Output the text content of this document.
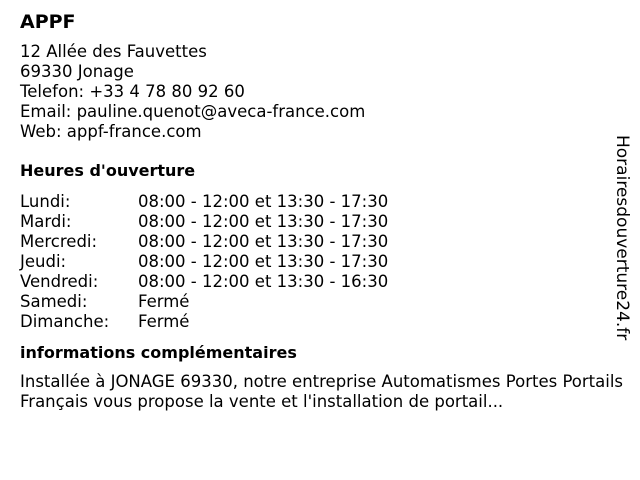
APPF
12 Allée des Fauvettes
69330 Jonage
Telefon: +33 4 78 80 92 60
Email: pauline.quenot@aveca-france.com
Web: appf-france.com
Heures d'ouverture
Lundi:	08:00 - 12:00 et 13:30 - 17:30
Mardi:	08:00 - 12:00 et 13:30 - 17:30
Mercredi:	08:00 - 12:00 et 13:30 - 17:30
Jeudi:	08:00 - 12:00 et 13:30 - 17:30
Vendredi:	08:00 - 12:00 et 13:30 - 16:30
Samedi:	Fermé
Dimanche:	Fermé
informations complémentaires

Installée à JONAGE 69330, notre entreprise Automatismes Portes Portails Français vous propose la vente et l'installation de portail...

Horairesdouverture24.fr
